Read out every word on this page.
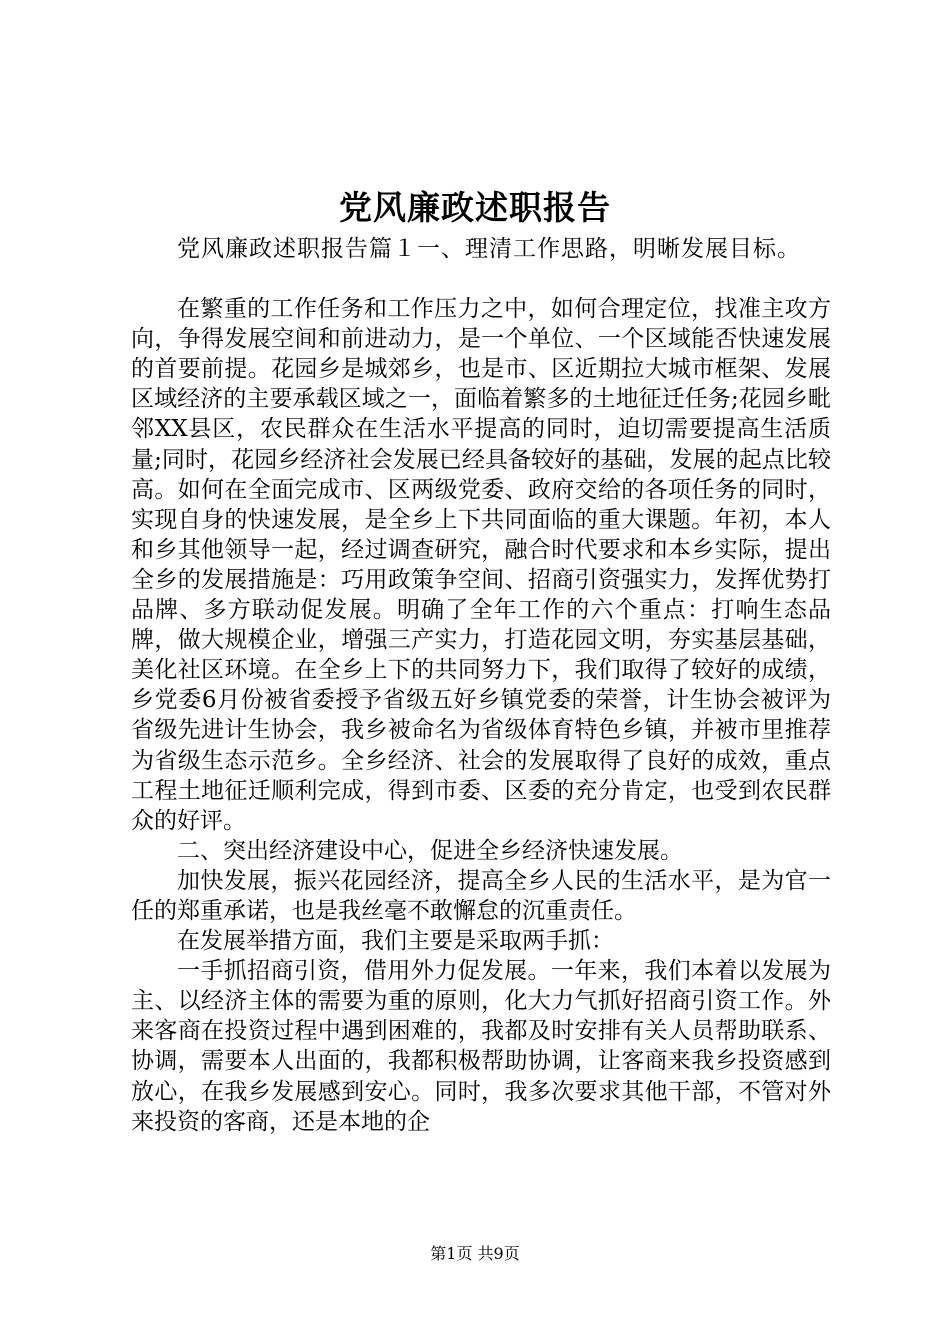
党风廉政述职报告

党风廉政述职报告篇１一、理清工作思路，明晰发展目标。

在繁重的工作任务和工作压力之中，如何合理定位，找准主攻方向，争得发展空间和前进动力，是一个单位、一个区域能否快速发展的首要前提。花园乡是城郊乡，也是市、区近期拉大城市框架、发展区域经济的主要承载区域之一，面临着繁多的土地征迁任务;花园乡毗邻XX县区，农民群众在生活水平提高的同时，迫切需要提高生活质量;同时，花园乡经济社会发展已经具备较好的基础，发展的起点比较高。如何在全面完成市、区两级党委、政府交给的各项任务的同时，实现自身的快速发展，是全乡上下共同面临的重大课题。年初，本人和乡其他领导一起，经过调查研究，融合时代要求和本乡实际，提出全乡的发展措施是：巧用政策争空间、招商引资强实力，发挥优势打品牌、多方联动促发展。明确了全年工作的六个重点：打响生态品牌，做大规模企业，增强三产实力，打造花园文明，夯实基层基础，美化社区环境。在全乡上下的共同努力下，我们取得了较好的成绩，乡党委6月份被省委授予省级五好乡镇党委的荣誉，计生协会被评为省级先进计生协会，我乡被命名为省级体育特色乡镇，并被市里推荐为省级生态示范乡。全乡经济、社会的发展取得了良好的成效，重点工程土地征迁顺利完成，得到市委、区委的充分肯定，也受到农民群众的好评。

二、突出经济建设中心，促进全乡经济快速发展。

加快发展，振兴花园经济，提高全乡人民的生活水平，是为官一任的郑重承诺，也是我丝毫不敢懈怠的沉重责任。

在发展举措方面，我们主要是采取两手抓：

一手抓招商引资，借用外力促发展。一年来，我们本着以发展为主、以经济主体的需要为重的原则，化大力气抓好招商引资工作。外来客商在投资过程中遇到困难的，我都及时安排有关人员帮助联系、协调，需要本人出面的，我都积极帮助协调，让客商来我乡投资感到放心，在我乡发展感到安心。同时，我多次要求其他干部，不管对外来投资的客商，还是本地的企

第1页 共9页
